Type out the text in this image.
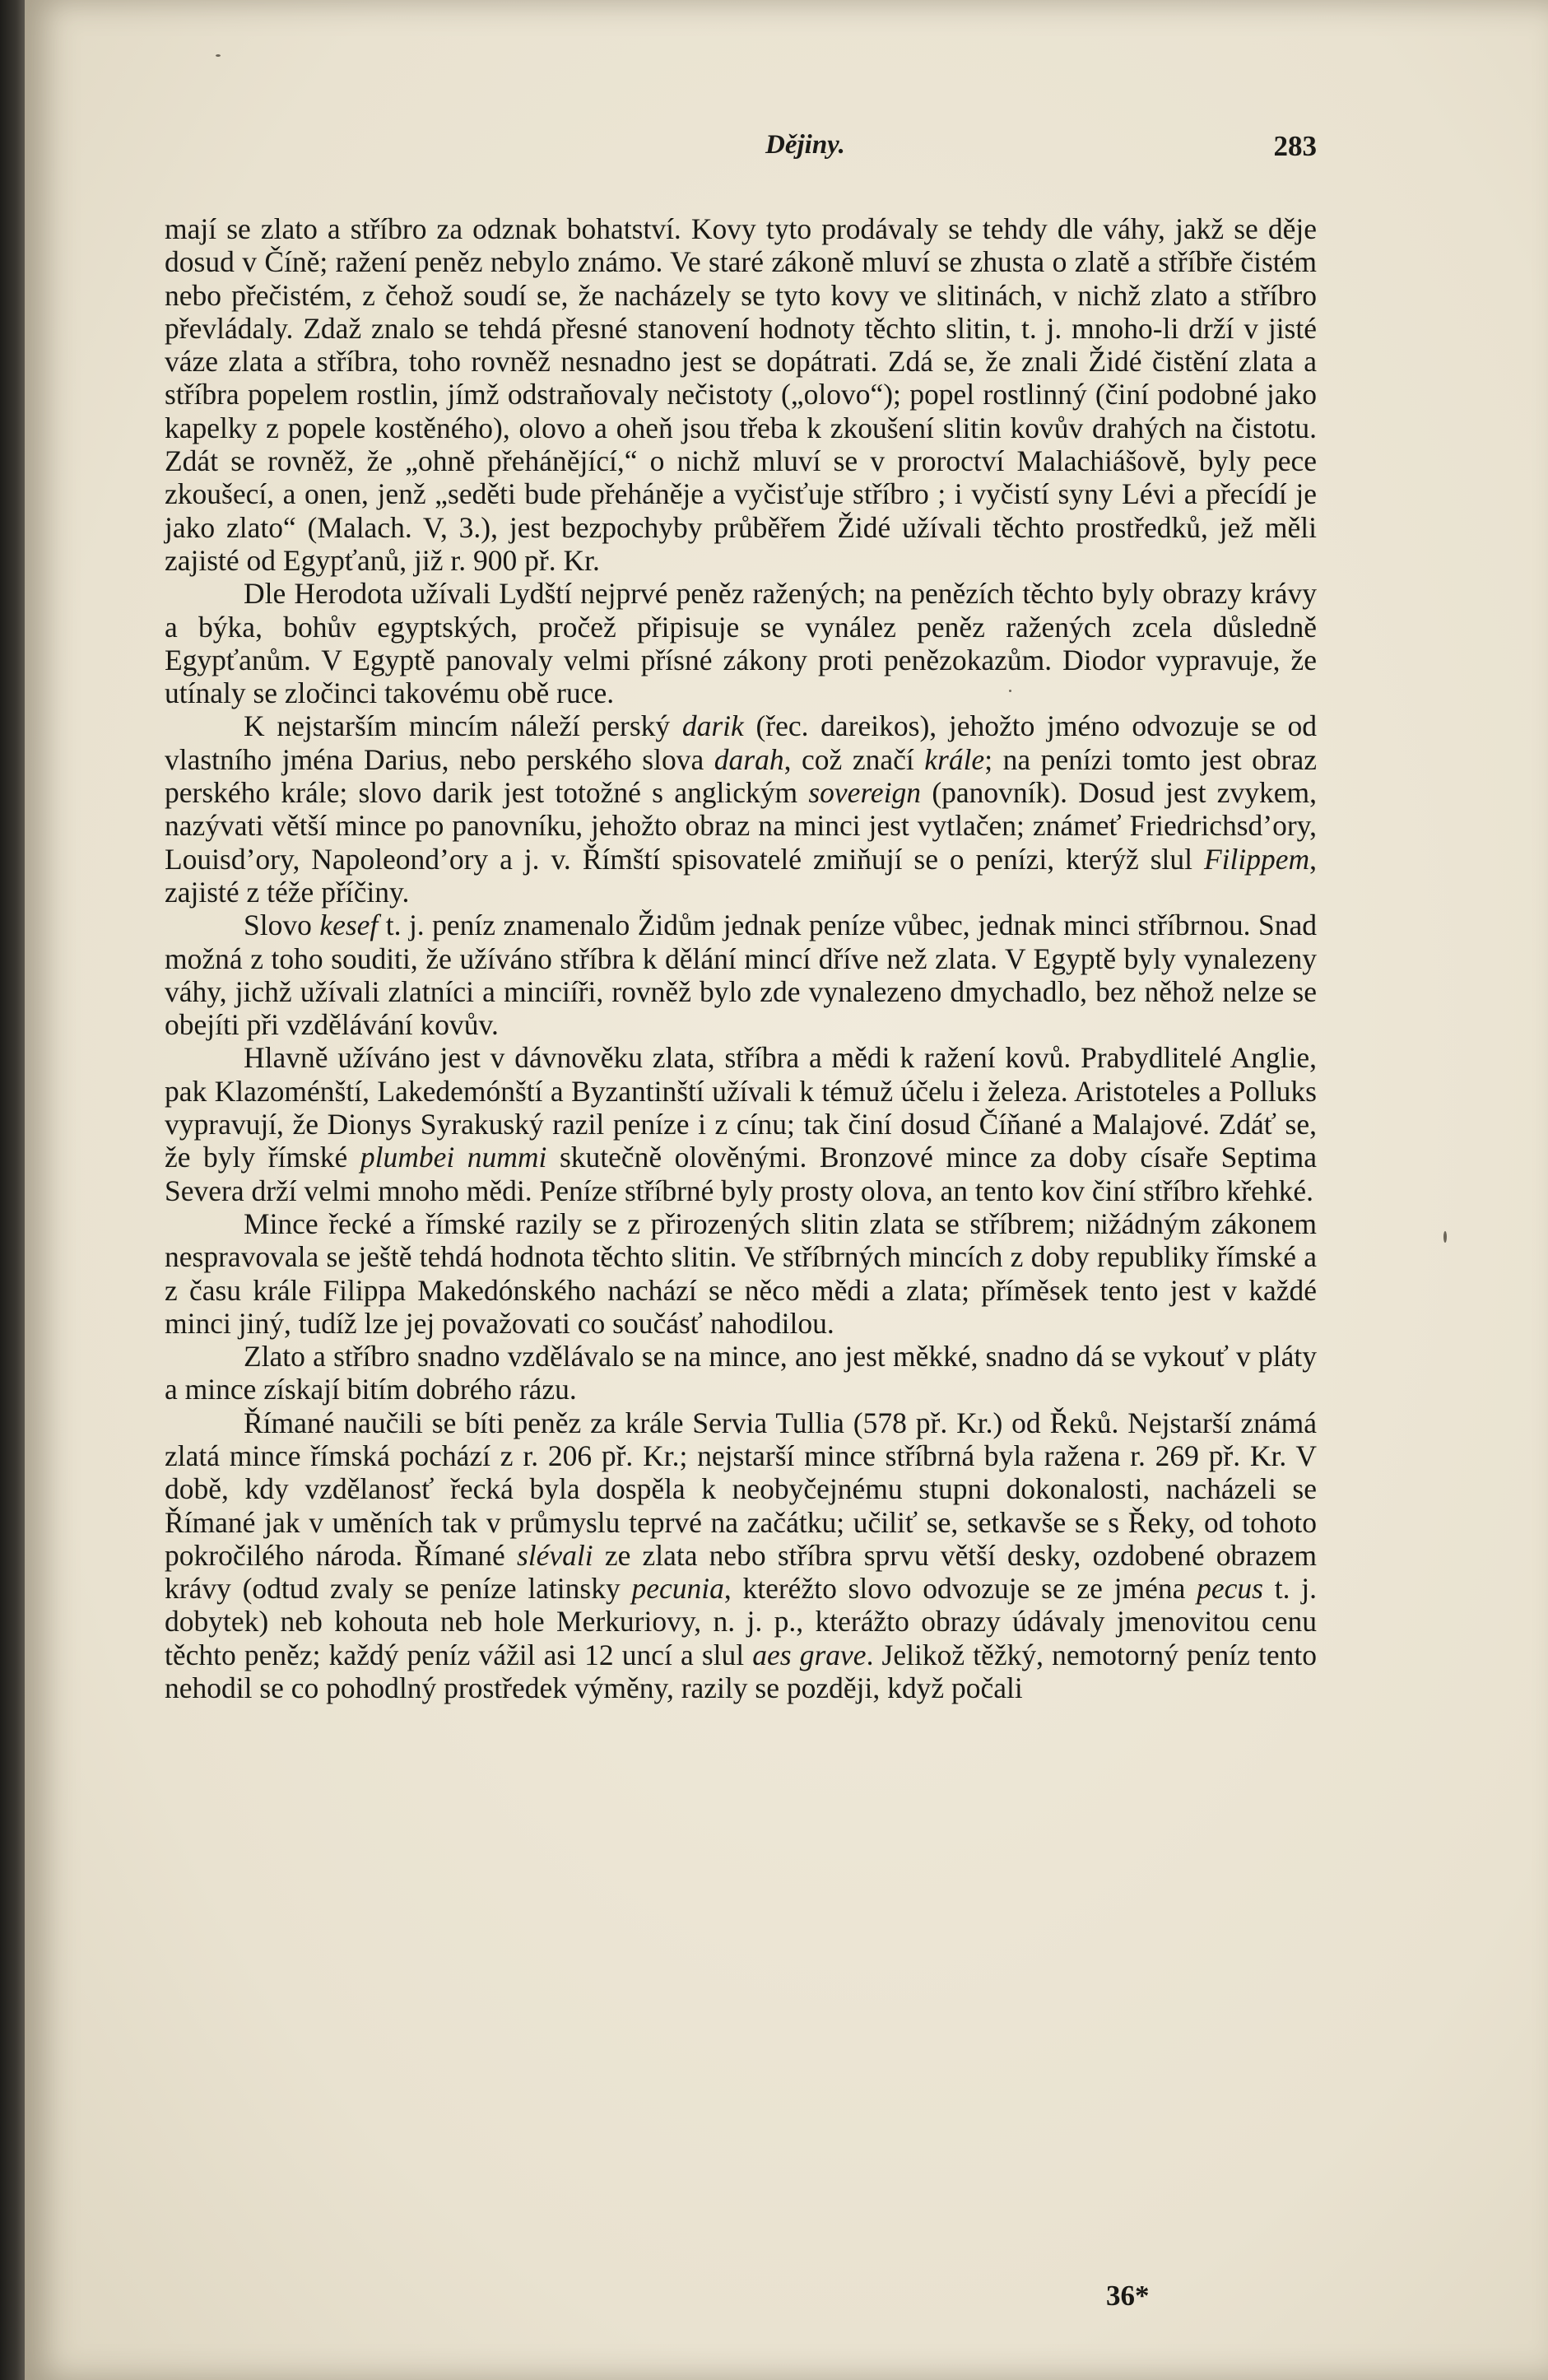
Dějiny.	283

mají se zlato a stříbro za odznak bohatství. Kovy tyto prodávaly se tehdy dle váhy, jakž se děje dosud v Číně; ražení peněz nebylo známo. Ve staré zákoně mluví se zhusta o zlatě a stříbře čistém nebo přečistém, z čehož soudí se, že nacházely se tyto kovy ve slitinách, v nichž zlato a stříbro převládaly. Zdaž znalo se tehdá přesné stanovení hodnoty těchto slitin, t. j. mnoho-li drží v jisté váze zlata a stříbra, toho rovněž nesnadno jest se dopátrati. Zdá se, že znali Židé čistění zlata a stříbra popelem rostlin, jímž odstraňovaly nečistoty („olovo“); popel rostlinný (činí podobné jako kapelky z popele kostěného), olovo a oheň jsou třeba k zkoušení slitin kovův drahých na čistotu. Zdát se rovněž, že „ohně přehánějící,“ o nichž mluví se v proroctví Malachiášově, byly pece zkoušecí, a onen, jenž „seděti bude přeháněje a vyčisťuje stříbro ; i vyčistí syny Lévi a přecídí je jako zlato“ (Malach. V, 3.), jest bezpochyby průběřem Židé užívali těchto prostředků, jež měli zajisté od Egypťanů, již r. 900 př. Kr.

Dle Herodota užívali Lydští nejprvé peněz ražených; na penězích těchto byly obrazy krávy a býka, bohův egyptských, pročež připisuje se vynález peněz ražených zcela důsledně Egypťanům. V Egyptě panovaly velmi přísné zákony proti penězokazům. Diodor vypravuje, že utínaly se zločinci takovému obě ruce.

K nejstarším mincím náleží perský darik (řec. dareikos), jehožto jméno odvozuje se od vlastního jména Darius, nebo perského slova darah, což značí krále; na penízi tomto jest obraz perského krále; slovo darik jest totožné s anglickým sovereign (panovník). Dosud jest zvykem, nazývati větší mince po panovníku, jehožto obraz na minci jest vytlačen; známeť Friedrichsd’ory, Louisd’ory, Napoleond’ory a j. v. Římští spisovatelé zmiňují se o penízi, kterýž slul Filippem, zajisté z téže příčiny.

Slovo kesef t. j. peníz znamenalo Židům jednak peníze vůbec, jednak minci stříbrnou. Snad možná z toho souditi, že užíváno stříbra k dělání mincí dříve než zlata. V Egyptě byly vynalezeny váhy, jichž užívali zlatníci a minciíři, rovněž bylo zde vynalezeno dmychadlo, bez něhož nelze se obejíti při vzdělávání kovův.

Hlavně užíváno jest v dávnověku zlata, stříbra a mědi k ražení kovů. Prabydlitelé Anglie, pak Klazoménští, Lakedemónští a Byzantinští užívali k témuž účelu i železa. Aristoteles a Polluks vypravují, že Dionys Syrakuský razil peníze i z cínu; tak činí dosud Číňané a Malajové. Zdáť se, že byly římské plumbei nummi skutečně olověnými. Bronzové mince za doby císaře Septima Severa drží velmi mnoho mědi. Peníze stříbrné byly prosty olova, an tento kov činí stříbro křehké.

Mince řecké a římské razily se z přirozených slitin zlata se stříbrem; nižádným zákonem nespravovala se ještě tehdá hodnota těchto slitin. Ve stříbrných mincích z doby republiky římské a z času krále Filippa Makedónského nachází se něco mědi a zlata; příměsek tento jest v každé minci jiný, tudíž lze jej považovati co součásť nahodilou.

Zlato a stříbro snadno vzdělávalo se na mince, ano jest měkké, snadno dá se vykouť v pláty a mince získají bitím dobrého rázu.

Římané naučili se bíti peněz za krále Servia Tullia (578 př. Kr.) od Řeků. Nejstarší známá zlatá mince římská pochází z r. 206 př. Kr.; nejstarší mince stříbrná byla ražena r. 269 př. Kr. V době, kdy vzdělanosť řecká byla dospěla k neobyčejnému stupni dokonalosti, nacházeli se Římané jak v uměních tak v průmyslu teprvé na začátku; učiliť se, setkavše se s Řeky, od tohoto pokročilého národa. Římané slévali ze zlata nebo stříbra sprvu větší desky, ozdobené obrazem krávy (odtud zvaly se peníze latinsky pecunia, kteréžto slovo odvozuje se ze jména pecus t. j. dobytek) neb kohouta neb hole Merkuriovy, n. j. p., kterážto obrazy údávaly jmenovitou cenu těchto peněz; každý peníz vážil asi 12 uncí a slul aes grave. Jelikož těžký, nemotorný peníz tento nehodil se co pohodlný prostředek výměny, razily se později, když počali

36*
